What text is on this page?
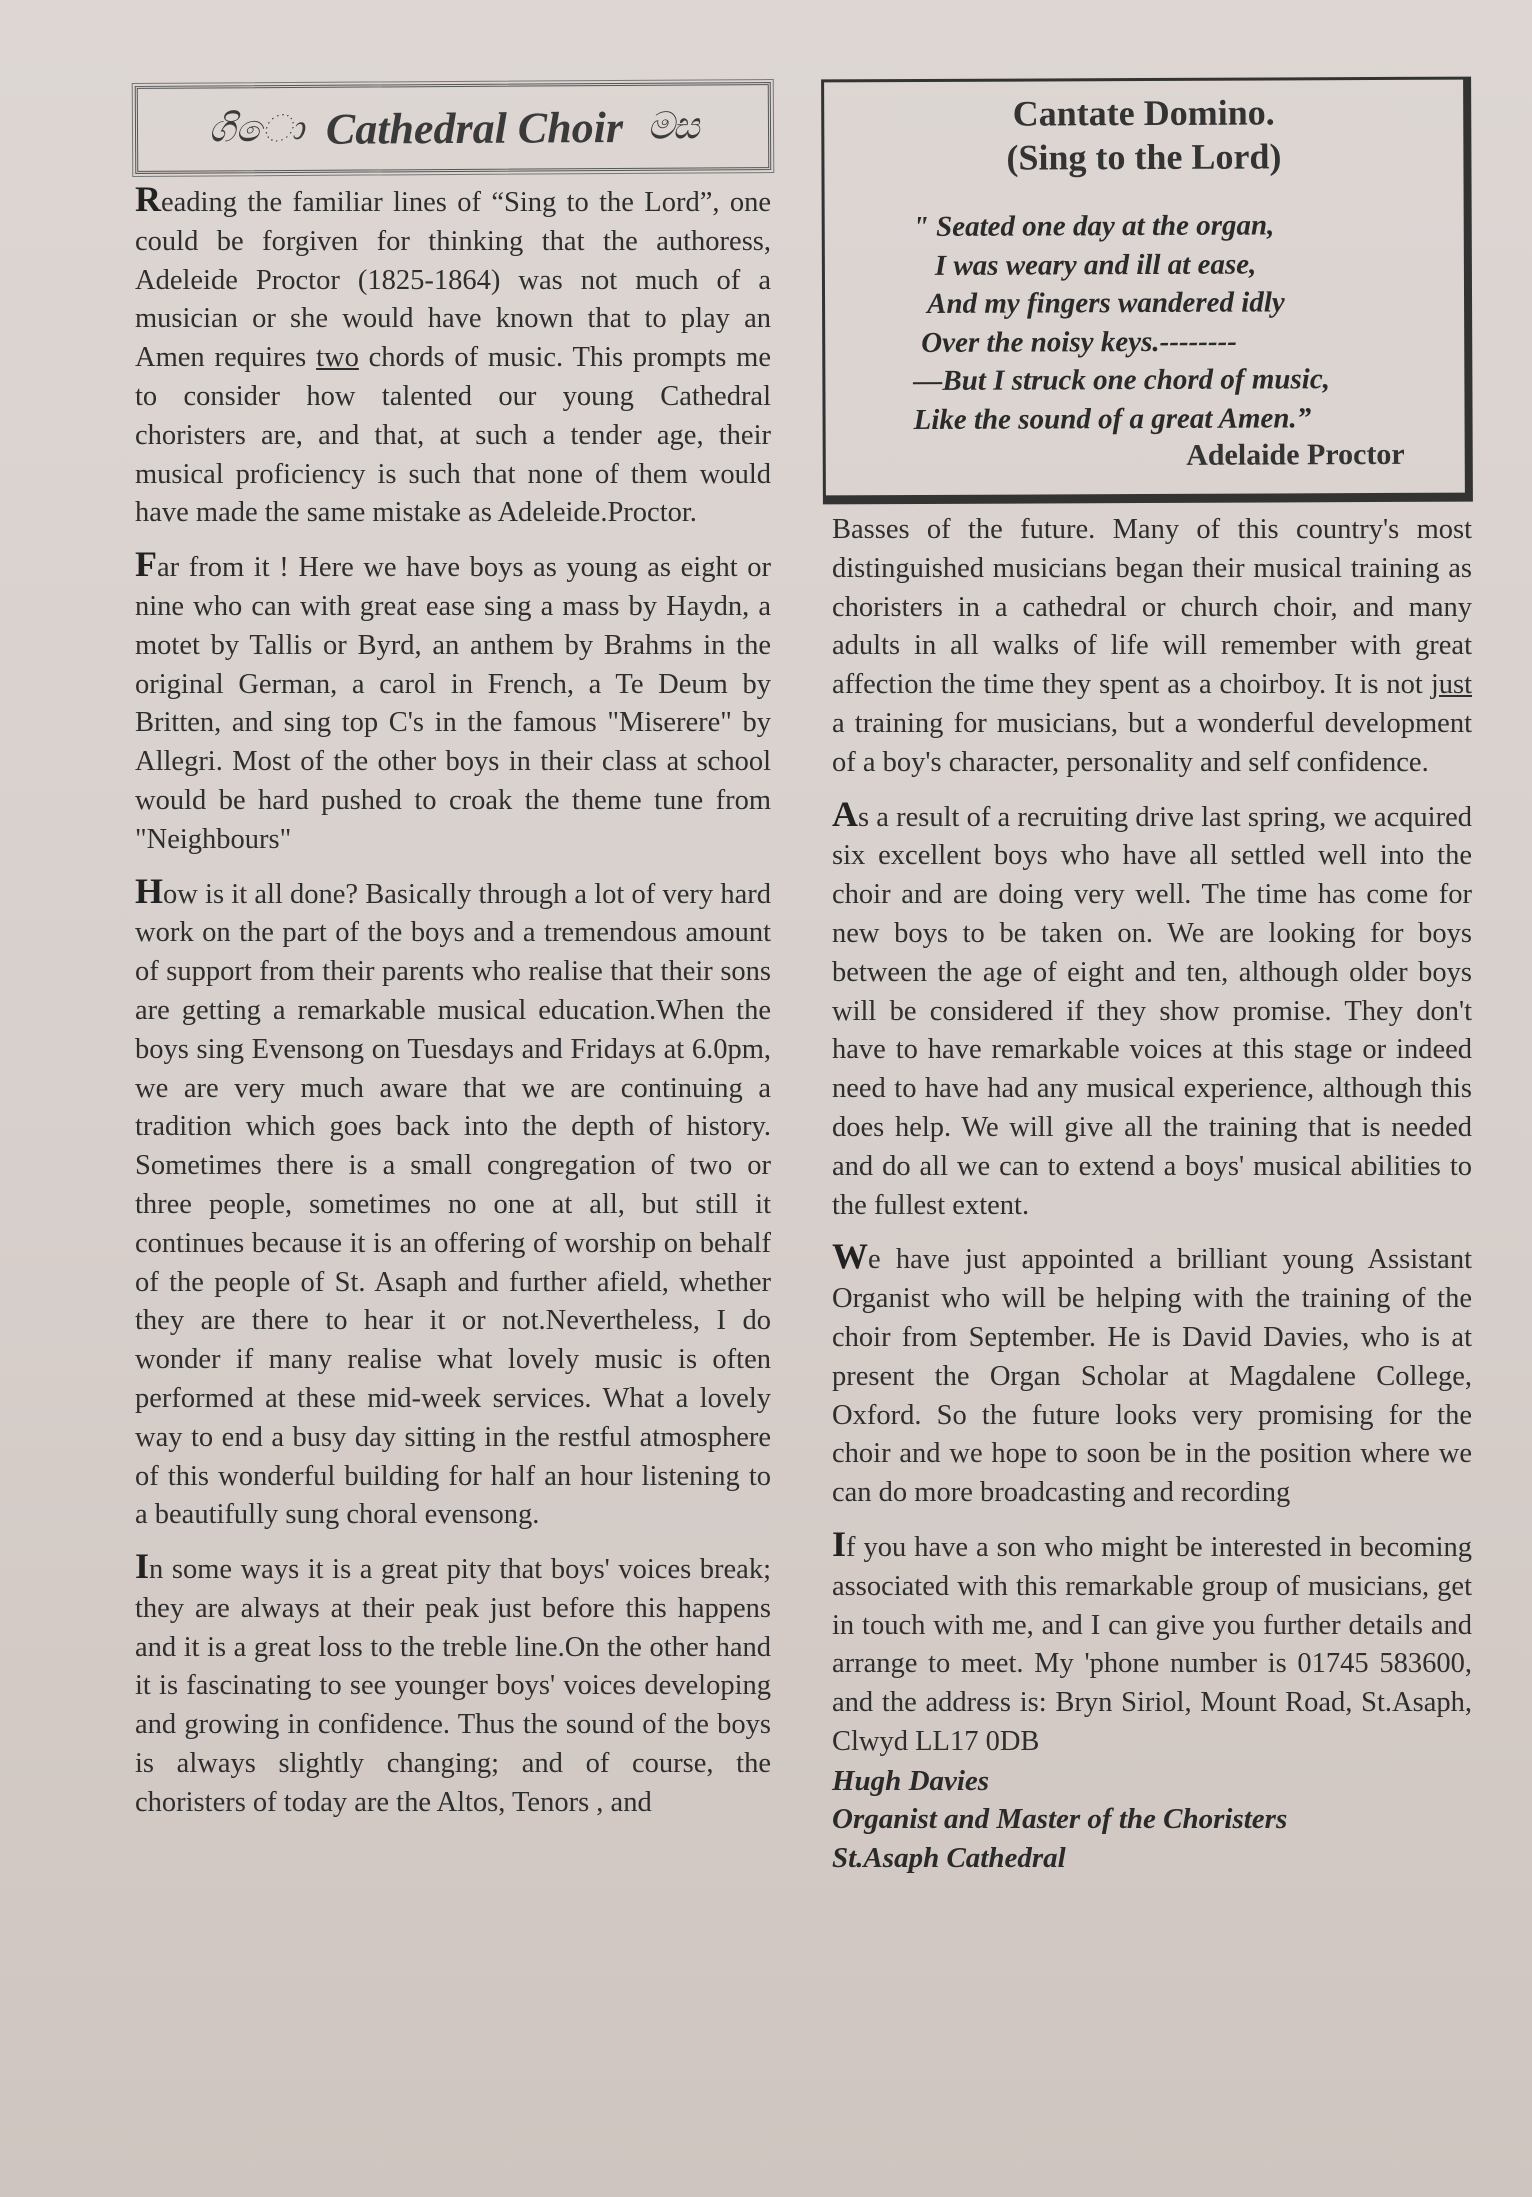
ගිො Cathedral Choir මස

Reading the familiar lines of “Sing to the Lord”, one could be forgiven for thinking that the authoress, Adeleide Proctor (1825-1864) was not much of a musician or she would have known that to play an Amen requires two chords of music. This prompts me to consider how talented our young Cathedral choristers are, and that, at such a tender age, their musical proficiency is such that none of them would have made the same mistake as Adeleide.Proctor.

Far from it ! Here we have boys as young as eight or nine who can with great ease sing a mass by Haydn, a motet by Tallis or Byrd, an anthem by Brahms in the original German, a carol in French, a Te Deum by Britten, and sing top C's in the famous "Miserere" by Allegri. Most of the other boys in their class at school would be hard pushed to croak the theme tune from "Neighbours"

How is it all done? Basically through a lot of very hard work on the part of the boys and a tremendous amount of support from their parents who realise that their sons are getting a remarkable musical education.When the boys sing Evensong on Tuesdays and Fridays at 6.0pm, we are very much aware that we are continuing a tradition which goes back into the depth of history. Sometimes there is a small congregation of two or three people, sometimes no one at all, but still it continues because it is an offering of worship on behalf of the people of St. Asaph and further afield, whether they are there to hear it or not.Nevertheless, I do wonder if many realise what lovely music is often performed at these mid-week services. What a lovely way to end a busy day sitting in the restful atmosphere of this wonderful building for half an hour listening to a beautifully sung choral evensong.

In some ways it is a great pity that boys' voices break; they are always at their peak just before this happens and it is a great loss to the treble line.On the other hand it is fascinating to see younger boys' voices developing and growing in confidence. Thus the sound of the boys is always slightly changing; and of course, the choristers of today are the Altos, Tenors , and

Cantate Domino.
(Sing to the Lord)
" Seated one day at the organ,
I was weary and ill at ease,
And my fingers wandered idly
Over the noisy keys.--------
—But I struck one chord of music,
Like the sound of a great Amen.”
Adelaide Proctor

Basses of the future. Many of this country's most distinguished musicians began their musical training as choristers in a cathedral or church choir, and many adults in all walks of life will remember with great affection the time they spent as a choirboy. It is not just a training for musicians, but a wonderful development of a boy's character, personality and self confidence.

As a result of a recruiting drive last spring, we acquired six excellent boys who have all settled well into the choir and are doing very well. The time has come for new boys to be taken on. We are looking for boys between the age of eight and ten, although older boys will be considered if they show promise. They don't have to have remarkable voices at this stage or indeed need to have had any musical experience, although this does help. We will give all the training that is needed and do all we can to extend a boys' musical abilities to the fullest extent.

We have just appointed a brilliant young Assistant Organist who will be helping with the training of the choir from September. He is David Davies, who is at present the Organ Scholar at Magdalene College, Oxford. So the future looks very promising for the choir and we hope to soon be in the position where we can do more broadcasting and recording

If you have a son who might be interested in becoming associated with this remarkable group of musicians, get in touch with me, and I can give you further details and arrange to meet. My 'phone number is 01745 583600, and the address is: Bryn Siriol, Mount Road, St.Asaph, Clwyd LL17 0DB

Hugh Davies
Organist and Master of the Choristers
St.Asaph Cathedral
